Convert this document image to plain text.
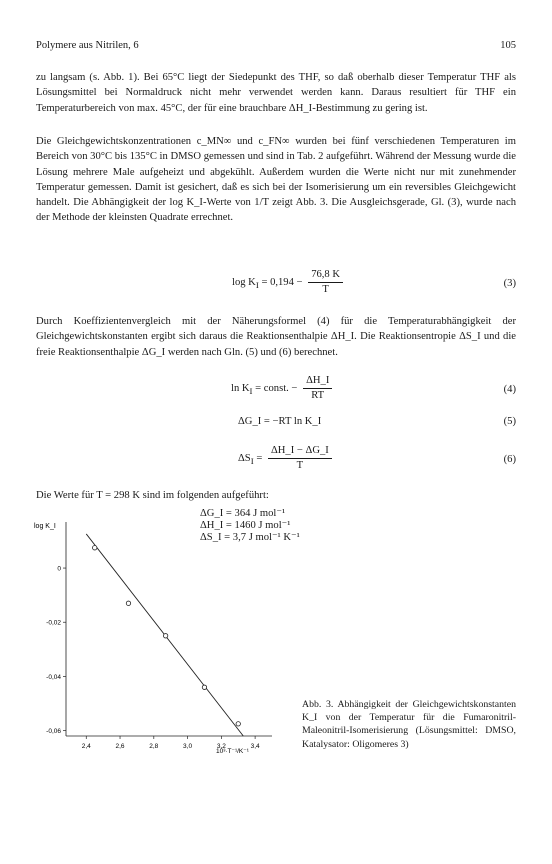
Polymere aus Nitrilen, 6	105
zu langsam (s. Abb. 1). Bei 65°C liegt der Siedepunkt des THF, so daß oberhalb dieser Temperatur THF als Lösungsmittel bei Normaldruck nicht mehr verwendet werden kann. Daraus resultiert für THF ein Temperaturbereich von max. 45°C, der für eine brauchbare ΔH_I-Bestimmung zu gering ist.
Die Gleichgewichtskonzentrationen c_MN∞ und c_FN∞ wurden bei fünf verschiedenen Temperaturen im Bereich von 30°C bis 135°C in DMSO gemessen und sind in Tab. 2 aufgeführt. Während der Messung wurde die Lösung mehrere Male aufgeheizt und abgekühlt. Außerdem wurden die Werte nicht nur mit zunehmender Temperatur gemessen. Damit ist gesichert, daß es sich bei der Isomerisierung um ein reversibles Gleichgewicht handelt. Die Abhängigkeit der log K_I-Werte von 1/T zeigt Abb. 3. Die Ausgleichsgerade, Gl. (3), wurde nach der Methode der kleinsten Quadrate errechnet.
$\log K_I = 0,194 - \frac{76,8 K}{T}$	(3)
Durch Koeffizientenvergleich mit der Näherungsformel (4) für die Temperaturabhängigkeit der Gleichgewichtskonstanten ergibt sich daraus die Reaktionsenthalpie ΔH_I. Die Reaktionsentropie ΔS_I und die freie Reaktionsenthalpie ΔG_I werden nach Gln. (5) und (6) berechnet.
$\ln K_I$ = const. − $\frac{\Delta H\_I}{RT}$	(4)
ΔG_I = −RT ln K_I	(5)
$\Delta S_I = \frac{\Delta H\_I - \Delta G\_I}{T}$	(6)
Die Werte für T = 298 K sind im folgenden aufgeführt:
ΔG_I = 364 J mol⁻¹
ΔH_I = 1460 J mol⁻¹
ΔS_I = 3,7 J mol⁻¹ K⁻¹
log K_I
2,4	2,6	2,8	3,0	3,2	3,4
0
-0,02
-0,04
-0,06
10³·T⁻¹/K⁻¹
Abb. 3. Abhängigkeit der Gleichgewichtskonstanten K_I von der Temperatur für die Fumaronitril-Maleonitril-Isomerisierung (Lösungsmittel: DMSO, Katalysator: Oligomeres 3)
